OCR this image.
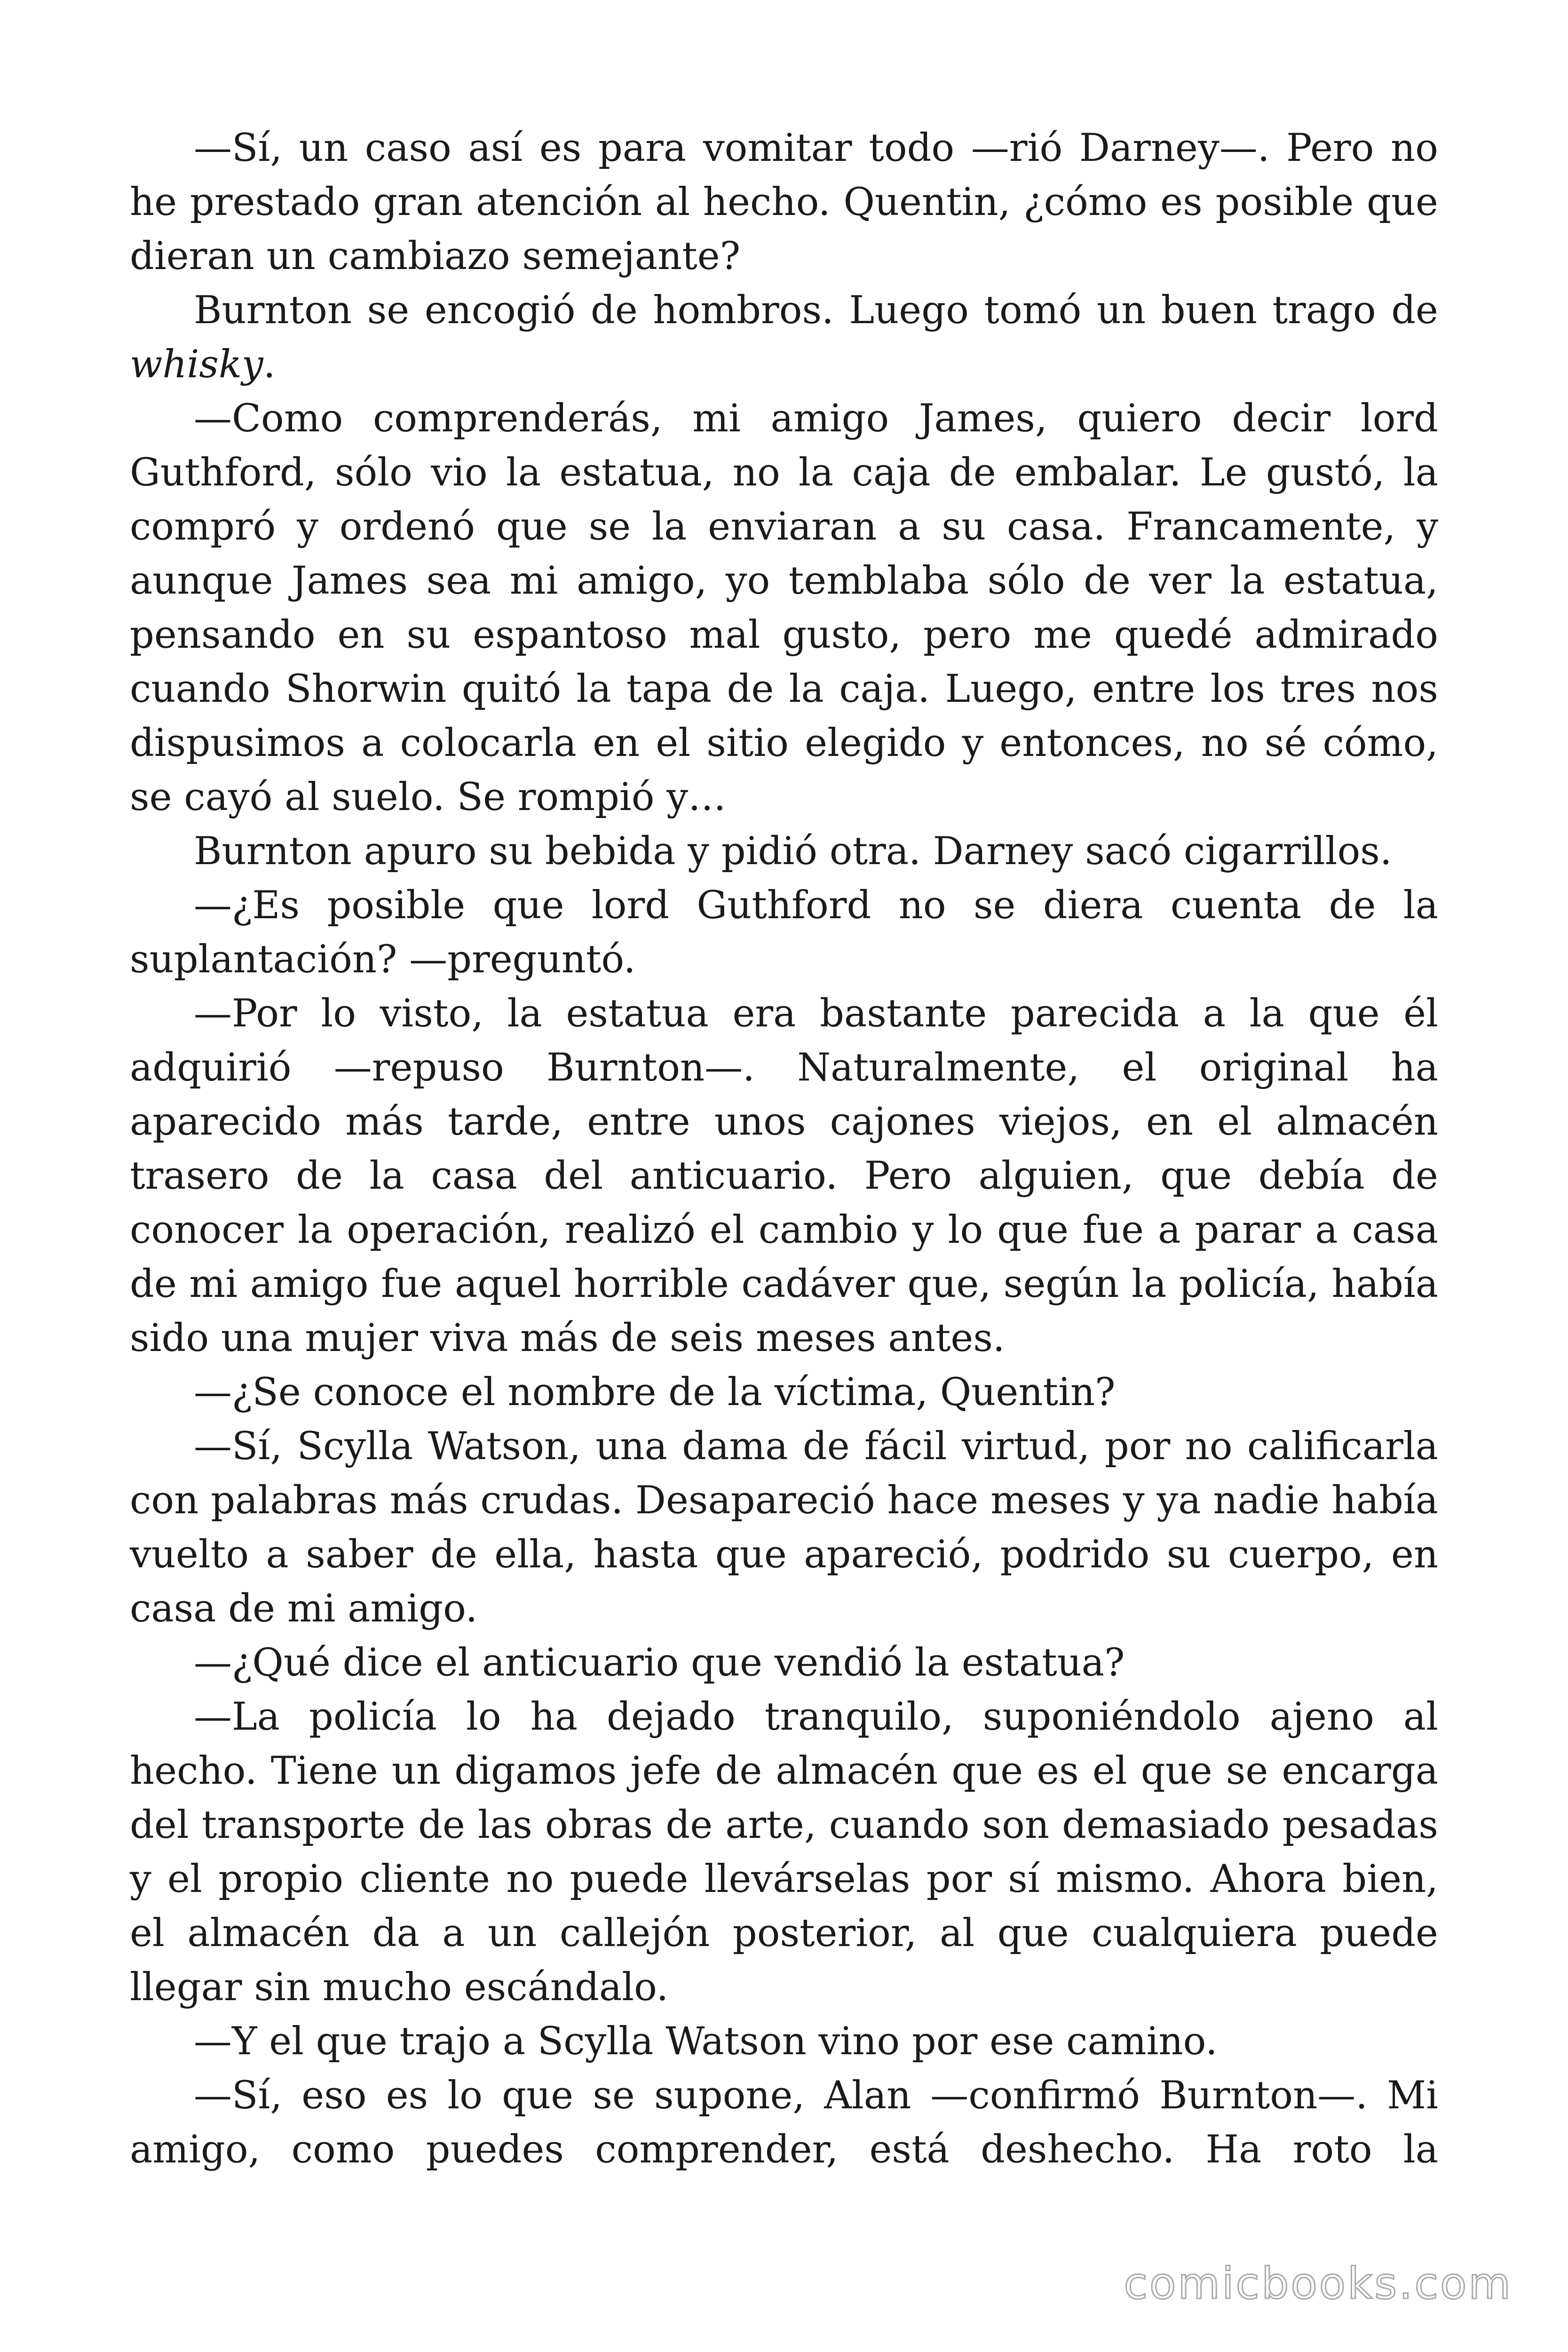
—Sí, un caso así es para vomitar todo —rió Darney—. Pero no he prestado gran atención al hecho. Quentin, ¿cómo es posible que dieran un cambiazo semejante?

Burnton se encogió de hombros. Luego tomó un buen trago de whisky.

—Como comprenderás, mi amigo James, quiero decir lord Guthford, sólo vio la estatua, no la caja de embalar. Le gustó, la compró y ordenó que se la enviaran a su casa. Francamente, y aunque James sea mi amigo, yo temblaba sólo de ver la estatua, pensando en su espantoso mal gusto, pero me quedé admirado cuando Shorwin quitó la tapa de la caja. Luego, entre los tres nos dispusimos a colocarla en el sitio elegido y entonces, no sé cómo, se cayó al suelo. Se rompió y…

Burnton apuro su bebida y pidió otra. Darney sacó cigarrillos.

—¿Es posible que lord Guthford no se diera cuenta de la suplantación? —preguntó.

—Por lo visto, la estatua era bastante parecida a la que él adquirió —repuso Burnton—. Naturalmente, el original ha aparecido más tarde, entre unos cajones viejos, en el almacén trasero de la casa del anticuario. Pero alguien, que debía de conocer la operación, realizó el cambio y lo que fue a parar a casa de mi amigo fue aquel horrible cadáver que, según la policía, había sido una mujer viva más de seis meses antes.

—¿Se conoce el nombre de la víctima, Quentin?

—Sí, Scylla Watson, una dama de fácil virtud, por no calificarla con palabras más crudas. Desapareció hace meses y ya nadie había vuelto a saber de ella, hasta que apareció, podrido su cuerpo, en casa de mi amigo.

—¿Qué dice el anticuario que vendió la estatua?

—La policía lo ha dejado tranquilo, suponiéndolo ajeno al hecho. Tiene un digamos jefe de almacén que es el que se encarga del transporte de las obras de arte, cuando son demasiado pesadas y el propio cliente no puede llevárselas por sí mismo. Ahora bien, el almacén da a un callejón posterior, al que cualquiera puede llegar sin mucho escándalo.

—Y el que trajo a Scylla Watson vino por ese camino.

—Sí, eso es lo que se supone, Alan —confirmó Burnton—. Mi amigo, como puedes comprender, está deshecho. Ha roto la

comicbooks.com
